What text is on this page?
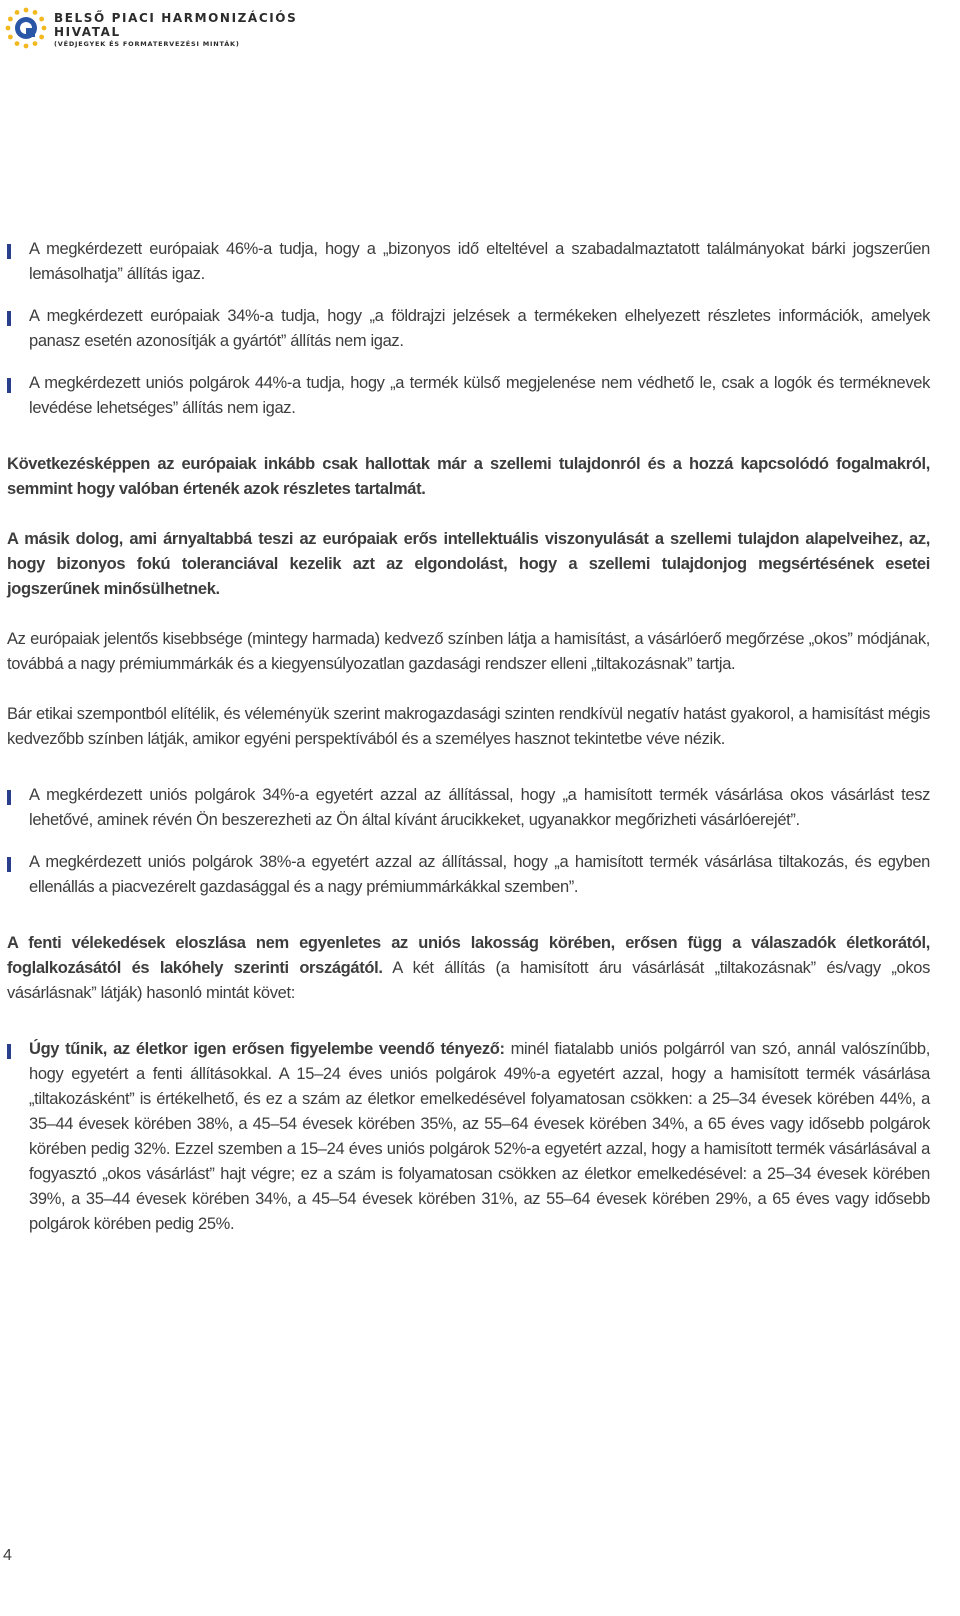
BELSŐ PIACI HARMONIZÁCIÓS
HIVATAL
(VÉDJEGYEK ÉS FORMATERVEZÉSI MINTÁK)

A megkérdezett európaiak 46%-a tudja, hogy a „bizonyos idő elteltével a szabadalmaztatott találmányokat bárki jogszerűen lemásolhatja” állítás igaz.

A megkérdezett európaiak 34%-a tudja, hogy „a földrajzi jelzések a termékeken elhelyezett részletes információk, amelyek panasz esetén azonosítják a gyártót” állítás nem igaz.

A megkérdezett uniós polgárok 44%-a tudja, hogy „a termék külső megjelenése nem védhető le, csak a logók és terméknevek levédése lehetséges” állítás nem igaz.

Következésképpen az európaiak inkább csak hallottak már a szellemi tulajdonról és a hozzá kapcsolódó fogalmakról, semmint hogy valóban értenék azok részletes tartalmát.

A másik dolog, ami árnyaltabbá teszi az európaiak erős intellektuális viszonyulását a szellemi tulajdon alapelveihez, az, hogy bizonyos fokú toleranciával kezelik azt az elgondolást, hogy a szellemi tulajdonjog megsértésének esetei jogszerűnek minősülhetnek.

Az európaiak jelentős kisebbsége (mintegy harmada) kedvező színben látja a hamisítást, a vásárlóerő megőrzése „okos” módjának, továbbá a nagy prémiummárkák és a kiegyensúlyozatlan gazdasági rendszer elleni „tiltakozásnak” tartja.

Bár etikai szempontból elítélik, és véleményük szerint makrogazdasági szinten rendkívül negatív hatást gyakorol, a hamisítást mégis kedvezőbb színben látják, amikor egyéni perspektívából és a személyes hasznot tekintetbe véve nézik.

A megkérdezett uniós polgárok 34%-a egyetért azzal az állítással, hogy „a hamisított termék vásárlása okos vásárlást tesz lehetővé, aminek révén Ön beszerezheti az Ön által kívánt árucikkeket, ugyanakkor megőrizheti vásárlóerejét”.

A megkérdezett uniós polgárok 38%-a egyetért azzal az állítással, hogy „a hamisított termék vásárlása tiltakozás, és egyben ellenállás a piacvezérelt gazdasággal és a nagy prémiummárkákkal szemben”.

A fenti vélekedések eloszlása nem egyenletes az uniós lakosság körében, erősen függ a válaszadók életkorától, foglalkozásától és lakóhely szerinti országától. A két állítás (a hamisított áru vásárlását „tiltakozásnak” és/vagy „okos vásárlásnak” látják) hasonló mintát követ:

Úgy tűnik, az életkor igen erősen figyelembe veendő tényező: minél fiatalabb uniós polgárról van szó, annál valószínűbb, hogy egyetért a fenti állításokkal. A 15–24 éves uniós polgárok 49%-a egyetért azzal, hogy a hamisított termék vásárlása „tiltakozásként” is értékelhető, és ez a szám az életkor emelkedésével folyamatosan csökken: a 25–34 évesek körében 44%, a 35–44 évesek körében 38%, a 45–54 évesek körében 35%, az 55–64 évesek körében 34%, a 65 éves vagy idősebb polgárok körében pedig 32%. Ezzel szemben a 15–24 éves uniós polgárok 52%-a egyetért azzal, hogy a hamisított termék vásárlásával a fogyasztó „okos vásárlást” hajt végre; ez a szám is folyamatosan csökken az életkor emelkedésével: a 25–34 évesek körében 39%, a 35–44 évesek körében 34%, a 45–54 évesek körében 31%, az 55–64 évesek körében 29%, a 65 éves vagy idősebb polgárok körében pedig 25%.

4
